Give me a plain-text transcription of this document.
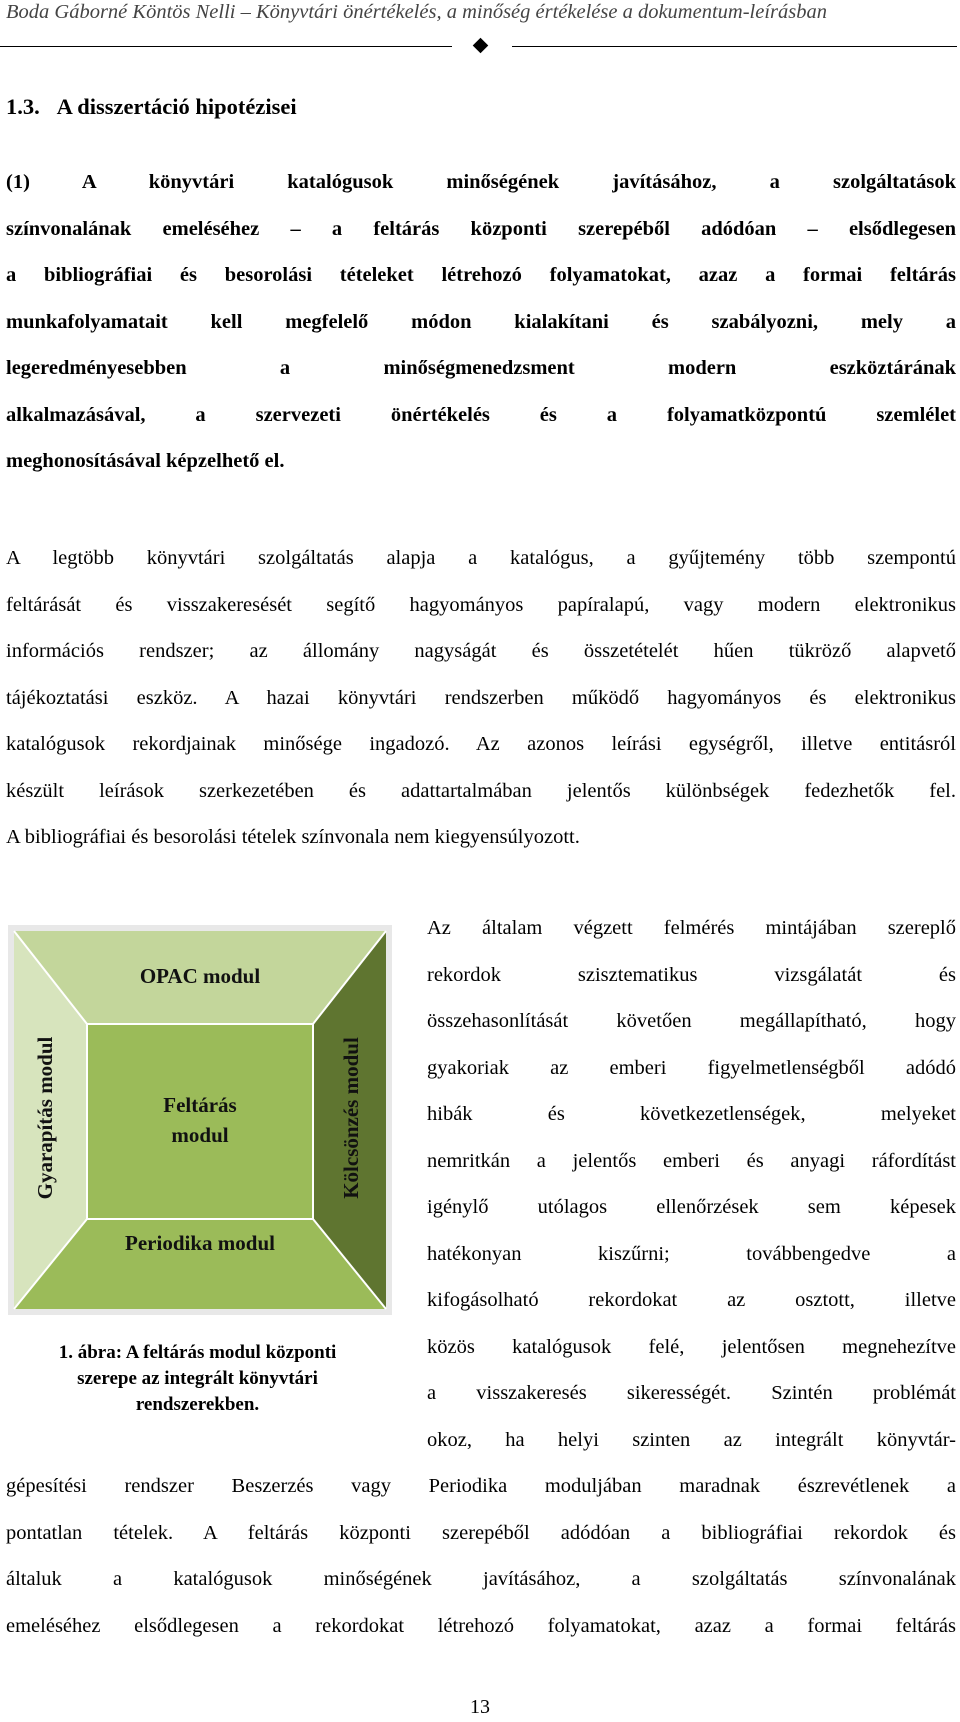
Boda Gáborné Köntös Nelli – Könyvtári önértékelés, a minőség értékelése a dokumentum-leírásban
1.3.   A disszertáció hipotézisei
(1) A könyvtári katalógusok minőségének javításához, a szolgáltatások
színvonalának emeléséhez – a feltárás központi szerepéből adódóan – elsődlegesen
a bibliográfiai és besorolási tételeket létrehozó folyamatokat, azaz a formai feltárás
munkafolyamatait kell megfelelő módon kialakítani és szabályozni, mely a
legeredményesebben a minőségmenedzsment modern eszköztárának
alkalmazásával, a szervezeti önértékelés és a folyamatközpontú szemlélet
meghonosításával képzelhető el.
A legtöbb könyvtári szolgáltatás alapja a katalógus, a gyűjtemény több szempontú
feltárását és visszakeresését segítő hagyományos papíralapú, vagy modern elektronikus
információs rendszer; az állomány nagyságát és összetételét hűen tükröző alapvető
tájékoztatási eszköz. A hazai könyvtári rendszerben működő hagyományos és elektronikus
katalógusok rekordjainak minősége ingadozó. Az azonos leírási egységről, illetve entitásról
készült leírások szerkezetében és adattartalmában jelentős különbségek fedezhetők fel.
A bibliográfiai és besorolási tételek színvonala nem kiegyensúlyozott.
OPAC modul
Feltárás
modul
Periodika modul
Gyarapítás modul	Kölcsönzés modul
1. ábra: A feltárás modul központi
szerepe az integrált könyvtári
rendszerekben.
Az általam végzett felmérés mintájában szereplő
rekordok szisztematikus vizsgálatát és
összehasonlítását követően megállapítható, hogy
gyakoriak az emberi figyelmetlenségből adódó
hibák és következetlenségek, melyeket
nemritkán a jelentős emberi és anyagi ráfordítást
igénylő utólagos ellenőrzések sem képesek
hatékonyan kiszűrni; továbbengedve a
kifogásolható rekordokat az osztott, illetve
közös katalógusok felé, jelentősen megnehezítve
a visszakeresés sikerességét. Szintén problémát
okoz, ha helyi szinten az integrált könyvtár-
gépesítési rendszer Beszerzés vagy Periodika moduljában maradnak észrevétlenek a
pontatlan tételek. A feltárás központi szerepéből adódóan a bibliográfiai rekordok és
általuk a katalógusok minőségének javításához, a szolgáltatás színvonalának
emeléséhez elsődlegesen a rekordokat létrehozó folyamatokat, azaz a formai feltárás
13
